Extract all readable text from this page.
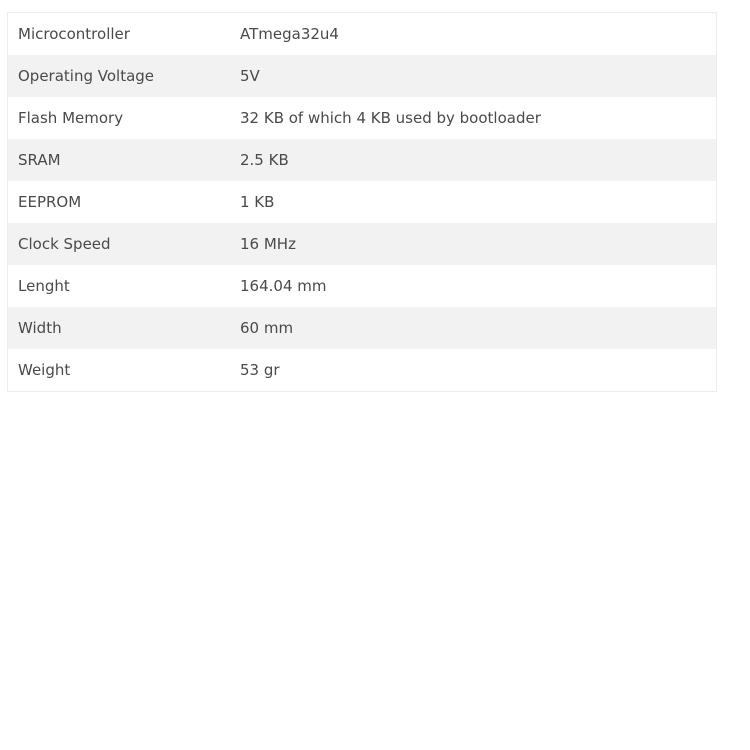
Microcontroller	ATmega32u4
Operating Voltage	5V
Flash Memory	32 KB of which 4 KB used by bootloader
SRAM	2.5 KB
EEPROM	1 KB
Clock Speed	16 MHz
Lenght	164.04 mm
Width	60 mm
Weight	53 gr
